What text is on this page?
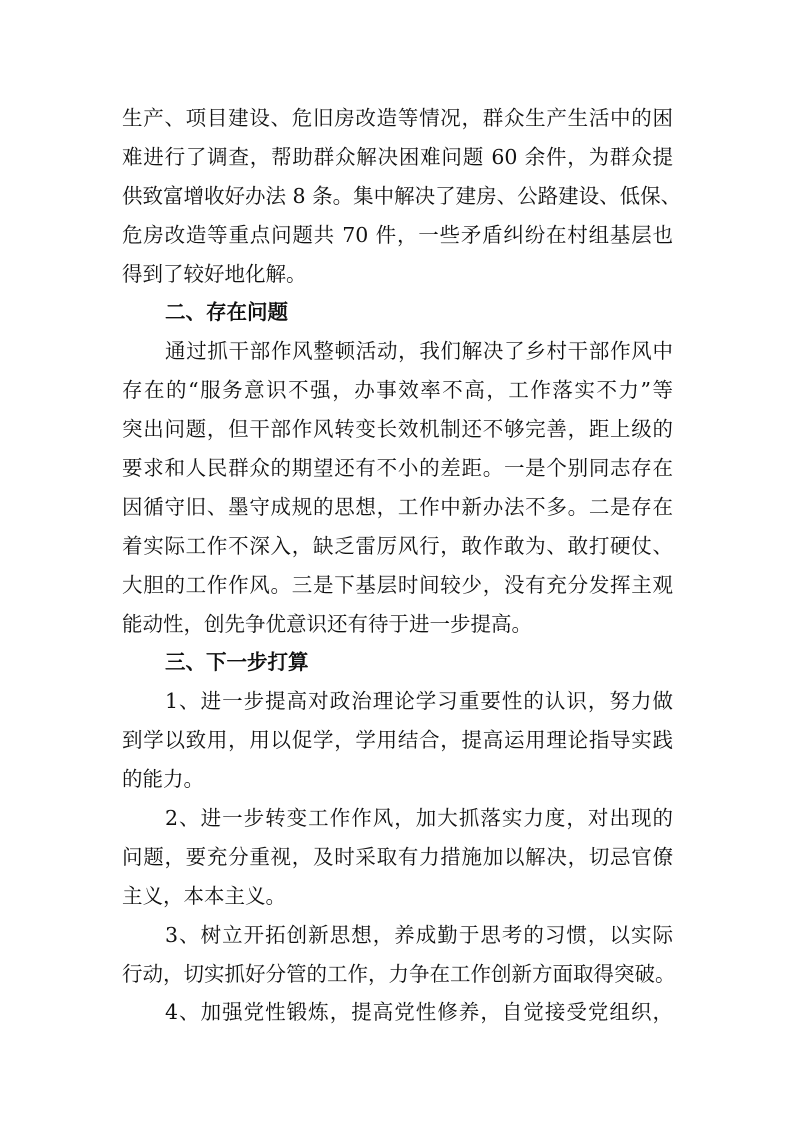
生产、项目建设、危旧房改造等情况，群众生产生活中的困
难进行了调查，帮助群众解决困难问题 60 余件，为群众提
供致富增收好办法 8 条。集中解决了建房、公路建设、低保、
危房改造等重点问题共 70 件，一些矛盾纠纷在村组基层也
得到了较好地化解。
二、存在问题
通过抓干部作风整顿活动，我们解决了乡村干部作风中
存在的“服务意识不强，办事效率不高，工作落实不力”等
突出问题，但干部作风转变长效机制还不够完善，距上级的
要求和人民群众的期望还有不小的差距。一是个别同志存在
因循守旧、墨守成规的思想，工作中新办法不多。二是存在
着实际工作不深入，缺乏雷厉风行，敢作敢为、敢打硬仗、
大胆的工作作风。三是下基层时间较少，没有充分发挥主观
能动性，创先争优意识还有待于进一步提高。
三、下一步打算
1、进一步提高对政治理论学习重要性的认识，努力做
到学以致用，用以促学，学用结合，提高运用理论指导实践
的能力。
2、进一步转变工作作风，加大抓落实力度，对出现的
问题，要充分重视，及时采取有力措施加以解决，切忌官僚
主义，本本主义。
3、树立开拓创新思想，养成勤于思考的习惯，以实际
行动，切实抓好分管的工作，力争在工作创新方面取得突破。
4、加强党性锻炼，提高党性修养，自觉接受党组织，
